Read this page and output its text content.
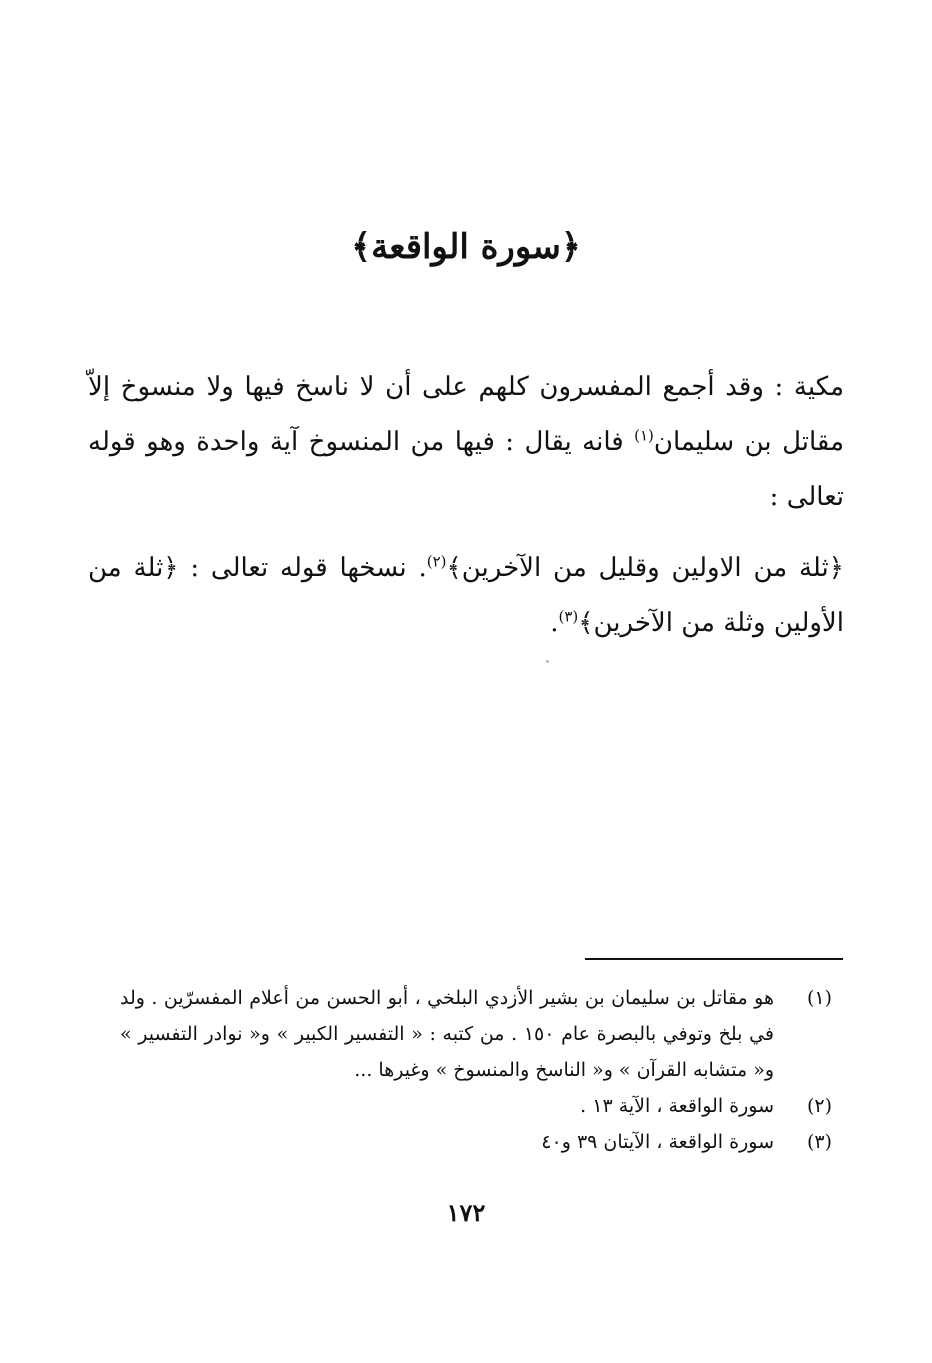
﴿سورة الواقعة﴾

مكية : وقد أجمع المفسرون كلهم على أن لا ناسخ فيها ولا منسوخ إلاّ مقاتل بن سليمان$^{(١)}$ فانه يقال : فيها من المنسوخ آية واحدة وهو قوله تعالى :

﴿ثلة من الاولين وقليل من الآخرين﴾$^{(٢)}$. نسخها قوله تعالى : ﴿ثلة من الأولين وثلة من الآخرين﴾$^{(٣)}$.

(١)
هو مقاتل بن سليمان بن بشير الأزدي البلخي ، أبو الحسن من أعلام المفسرّين . ولد في بلخ وتوفي بالبصرة عام ١٥٠ . من كتبه : « التفسير الكبير » و« نوادر التفسير » و« متشابه القرآن » و« الناسخ والمنسوخ » وغيرها ...
(٢)
سورة الواقعة ، الآية ١٣ .
(٣)
سورة الواقعة ، الآيتان ٣٩ و٤٠
١٧٢
